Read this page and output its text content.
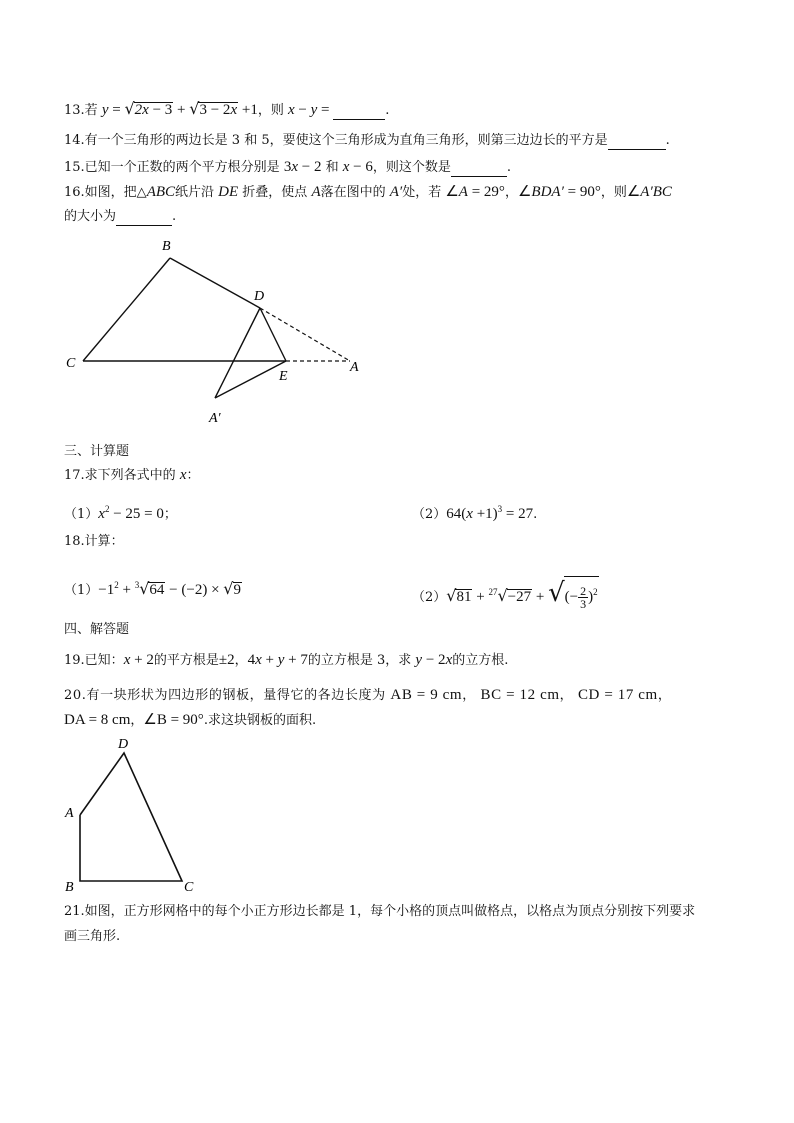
13.若 y = √2x − 3 + √3 − 2x +1，则 x − y =	.
14.有一个三角形的两边长是 3 和 5，要使这个三角形成为直角三角形，则第三边边长的平方是	.
15.已知一个正数的两个平方根分别是 3x − 2 和 x − 6，则这个数是	.
16.如图，把△ABC纸片沿 DE 折叠，使点 A落在图中的 A′处，若 ∠A = 29°，∠BDA′ = 90°，则∠A′BC
的大小为	.
B
D
C
E
A
A′
三、计算题
17.求下列各式中的 x：
$(1)x^2 - 25 = 0$；	$(2)64(x +1)^3 = 27$.
18.计算：
$(1)-1^2 + ^3√64 - (-2) \times √9$	（2）√81 + $^{27}$√−27 + √(− $\frac{2}{3} )^2$
四、解答题
19.已知：x + 2的平方根是±2，4x + y + 7的立方根是 3，求 y − 2x的立方根.
20.有一块形状为四边形的钢板，量得它的各边长度为 AB = 9 cm， BC = 12 cm， CD = 17 cm，
DA = 8 cm，∠B = 90°.求这块钢板的面积.
D
A
B	C
21.如图，正方形网格中的每个小正方形边长都是 1，每个小格的顶点叫做格点，以格点为顶点分别按下列要求
画三角形.
